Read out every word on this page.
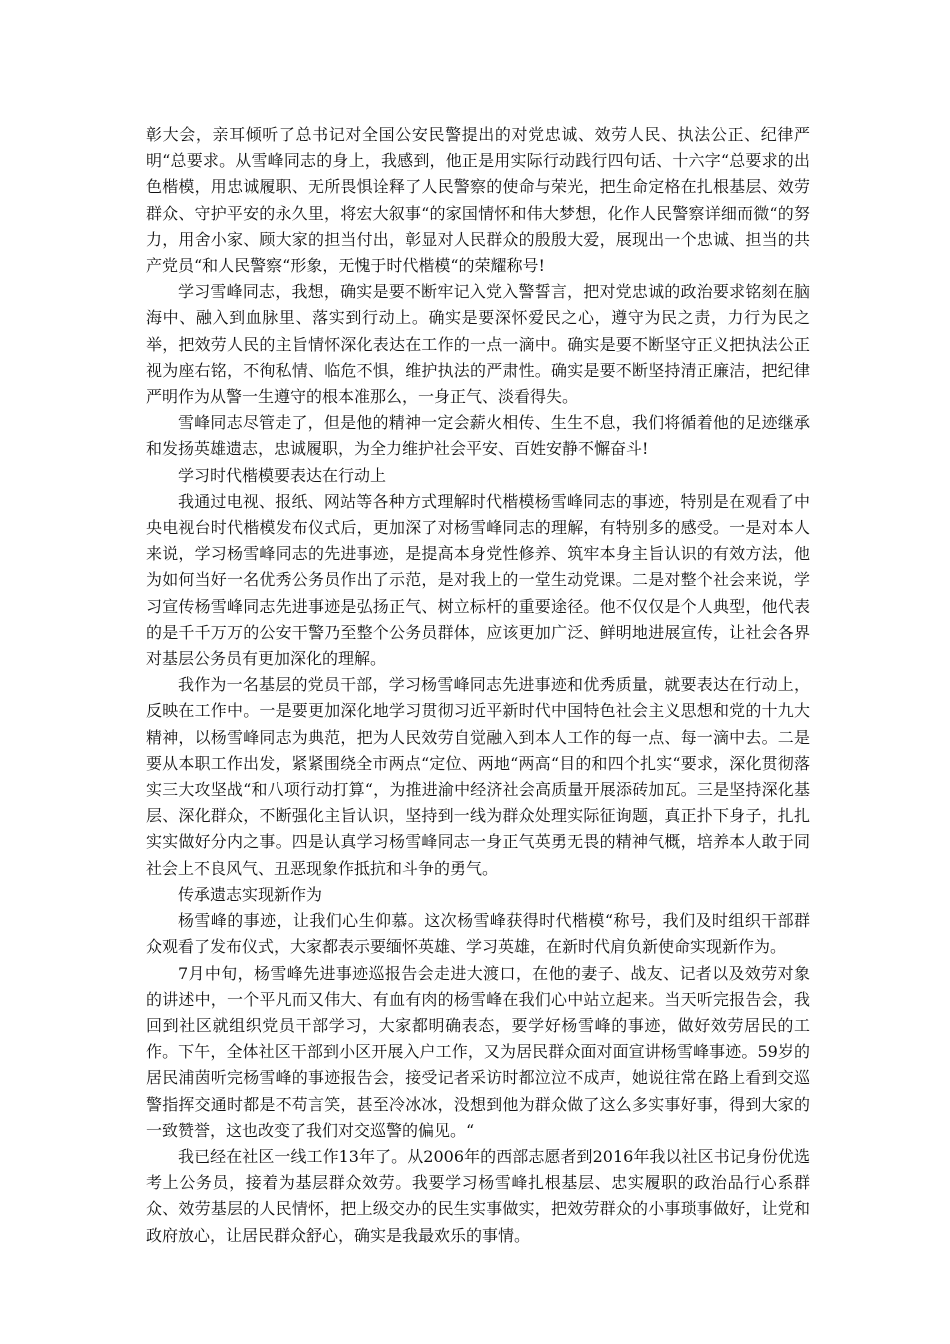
彰大会，亲耳倾听了总书记对全国公安民警提出的对党忠诚、效劳人民、执法公正、纪律严明“总要求。从雪峰同志的身上，我感到，他正是用实际行动践行四句话、十六字“总要求的出色楷模，用忠诚履职、无所畏惧诠释了人民警察的使命与荣光，把生命定格在扎根基层、效劳群众、守护平安的永久里，将宏大叙事“的家国情怀和伟大梦想，化作人民警察详细而微“的努力，用舍小家、顾大家的担当付出，彰显对人民群众的殷殷大爱，展现出一个忠诚、担当的共产党员“和人民警察“形象，无愧于时代楷模“的荣耀称号!

学习雪峰同志，我想，确实是要不断牢记入党入警誓言，把对党忠诚的政治要求铭刻在脑海中、融入到血脉里、落实到行动上。确实是要深怀爱民之心，遵守为民之责，力行为民之举，把效劳人民的主旨情怀深化表达在工作的一点一滴中。确实是要不断坚守正义把执法公正视为座右铭，不徇私情、临危不惧，维护执法的严肃性。确实是要不断坚持清正廉洁，把纪律严明作为从警一生遵守的根本准那么，一身正气、淡看得失。

雪峰同志尽管走了，但是他的精神一定会薪火相传、生生不息，我们将循着他的足迹继承和发扬英雄遗志，忠诚履职，为全力维护社会平安、百姓安静不懈奋斗!

学习时代楷模要表达在行动上

我通过电视、报纸、网站等各种方式理解时代楷模杨雪峰同志的事迹，特别是在观看了中央电视台时代楷模发布仪式后，更加深了对杨雪峰同志的理解，有特别多的感受。一是对本人来说，学习杨雪峰同志的先进事迹，是提高本身党性修养、筑牢本身主旨认识的有效方法，他为如何当好一名优秀公务员作出了示范，是对我上的一堂生动党课。二是对整个社会来说，学习宣传杨雪峰同志先进事迹是弘扬正气、树立标杆的重要途径。他不仅仅是个人典型，他代表的是千千万万的公安干警乃至整个公务员群体，应该更加广泛、鲜明地进展宣传，让社会各界对基层公务员有更加深化的理解。

我作为一名基层的党员干部，学习杨雪峰同志先进事迹和优秀质量，就要表达在行动上，反映在工作中。一是要更加深化地学习贯彻习近平新时代中国特色社会主义思想和党的十九大精神，以杨雪峰同志为典范，把为人民效劳自觉融入到本人工作的每一点、每一滴中去。二是要从本职工作出发，紧紧围绕全市两点“定位、两地“两高“目的和四个扎实“要求，深化贯彻落实三大攻坚战“和八项行动打算“，为推进渝中经济社会高质量开展添砖加瓦。三是坚持深化基层、深化群众，不断强化主旨认识，坚持到一线为群众处理实际征询题，真正扑下身子，扎扎实实做好分内之事。四是认真学习杨雪峰同志一身正气英勇无畏的精神气概，培养本人敢于同社会上不良风气、丑恶现象作抵抗和斗争的勇气。

传承遗志实现新作为

杨雪峰的事迹，让我们心生仰慕。这次杨雪峰获得时代楷模“称号，我们及时组织干部群众观看了发布仪式，大家都表示要缅怀英雄、学习英雄，在新时代肩负新使命实现新作为。

7月中旬，杨雪峰先进事迹巡报告会走进大渡口，在他的妻子、战友、记者以及效劳对象的讲述中，一个平凡而又伟大、有血有肉的杨雪峰在我们心中站立起来。当天听完报告会，我回到社区就组织党员干部学习，大家都明确表态，要学好杨雪峰的事迹，做好效劳居民的工作。下午，全体社区干部到小区开展入户工作，又为居民群众面对面宣讲杨雪峰事迹。59岁的居民浦茵听完杨雪峰的事迹报告会，接受记者采访时都泣泣不成声，她说往常在路上看到交巡警指挥交通时都是不苟言笑，甚至冷冰冰，没想到他为群众做了这么多实事好事，得到大家的一致赞誉，这也改变了我们对交巡警的偏见。“

我已经在社区一线工作13年了。从2006年的西部志愿者到2016年我以社区书记身份优选考上公务员，接着为基层群众效劳。我要学习杨雪峰扎根基层、忠实履职的政治品行心系群众、效劳基层的人民情怀，把上级交办的民生实事做实，把效劳群众的小事琐事做好，让党和政府放心，让居民群众舒心，确实是我最欢乐的事情。
